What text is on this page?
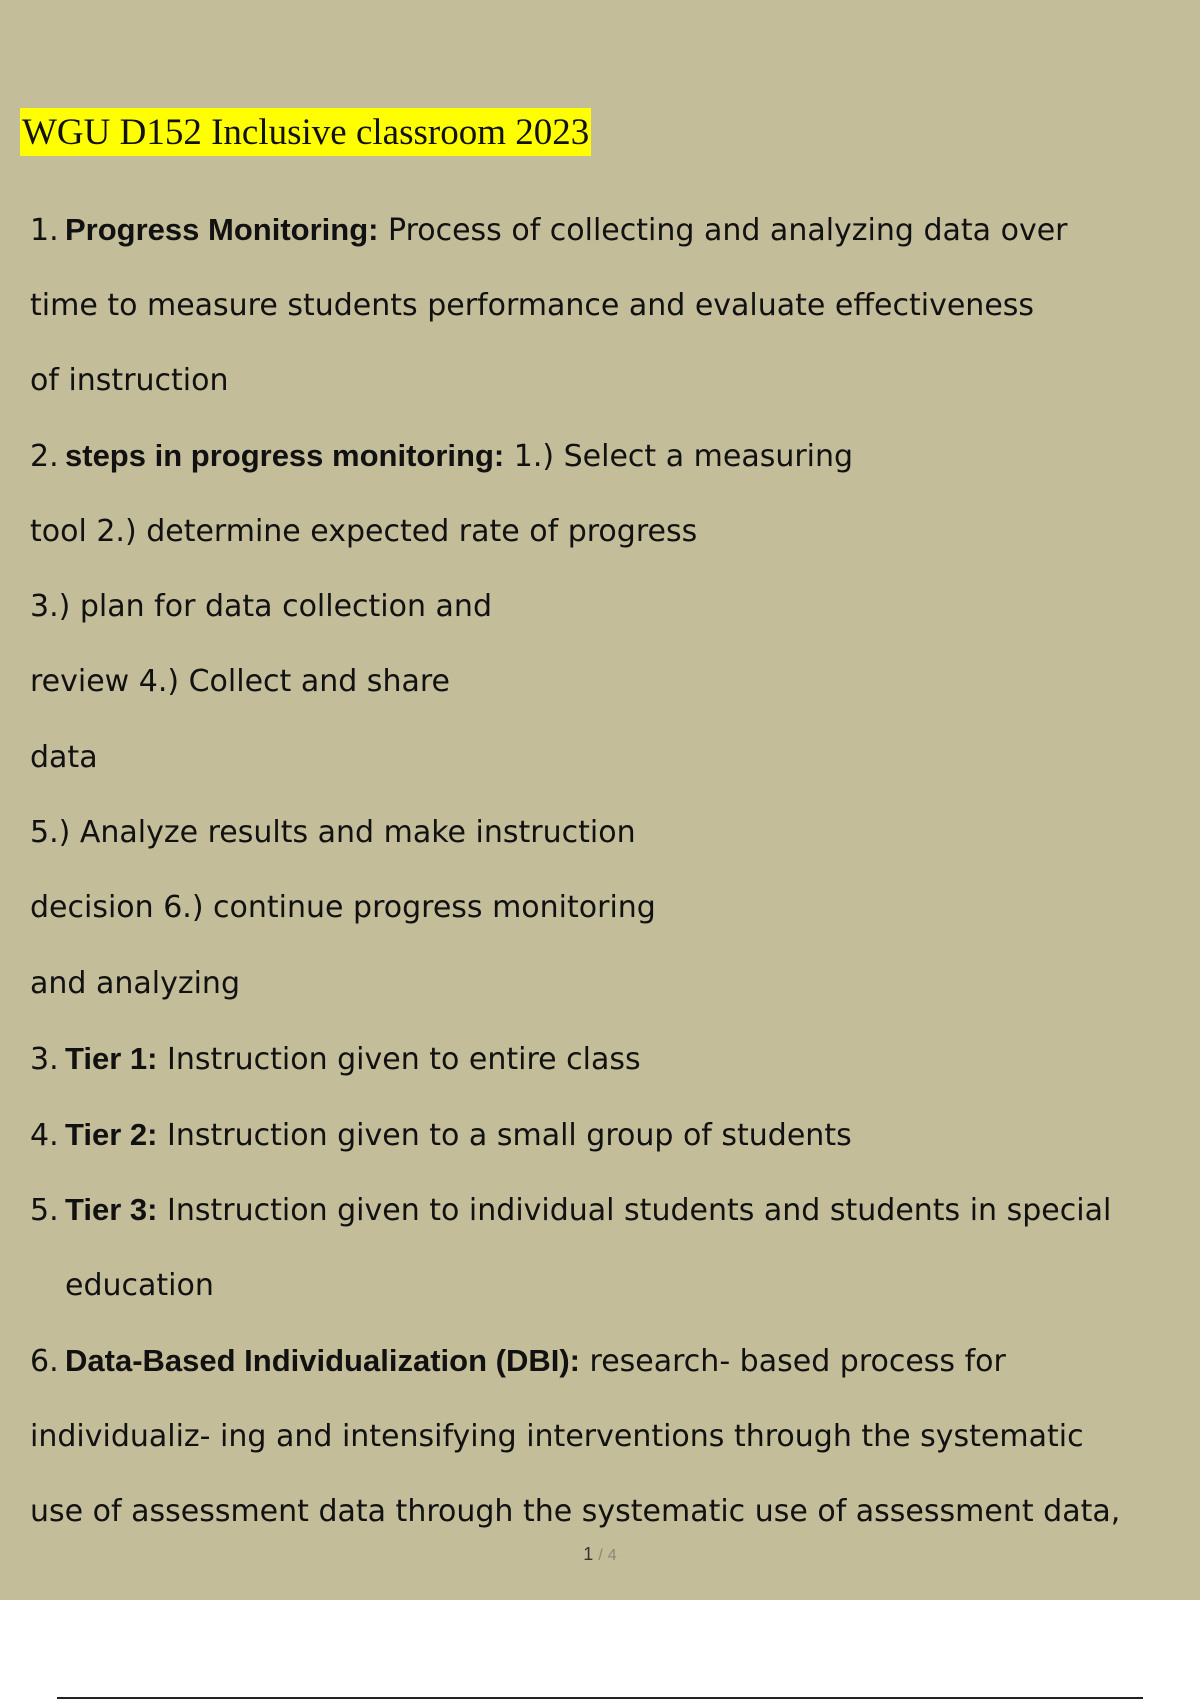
WGU D152 Inclusive classroom 2023
1. Progress Monitoring: Process of collecting and analyzing data over
time to measure students performance and evaluate effectiveness
of instruction
2. steps in progress monitoring: 1.) Select a measuring
tool 2.) determine expected rate of progress
3.) plan for data collection and
review 4.) Collect and share
data
5.) Analyze results and make instruction
decision 6.) continue progress monitoring
and analyzing
3. Tier 1: Instruction given to entire class
4. Tier 2: Instruction given to a small group of students
5. Tier 3: Instruction given to individual students and students in special
education
6. Data-Based Individualization (DBI): research- based process for
individualiz- ing and intensifying interventions through the systematic
use of assessment data through the systematic use of assessment data,
1 / 4
